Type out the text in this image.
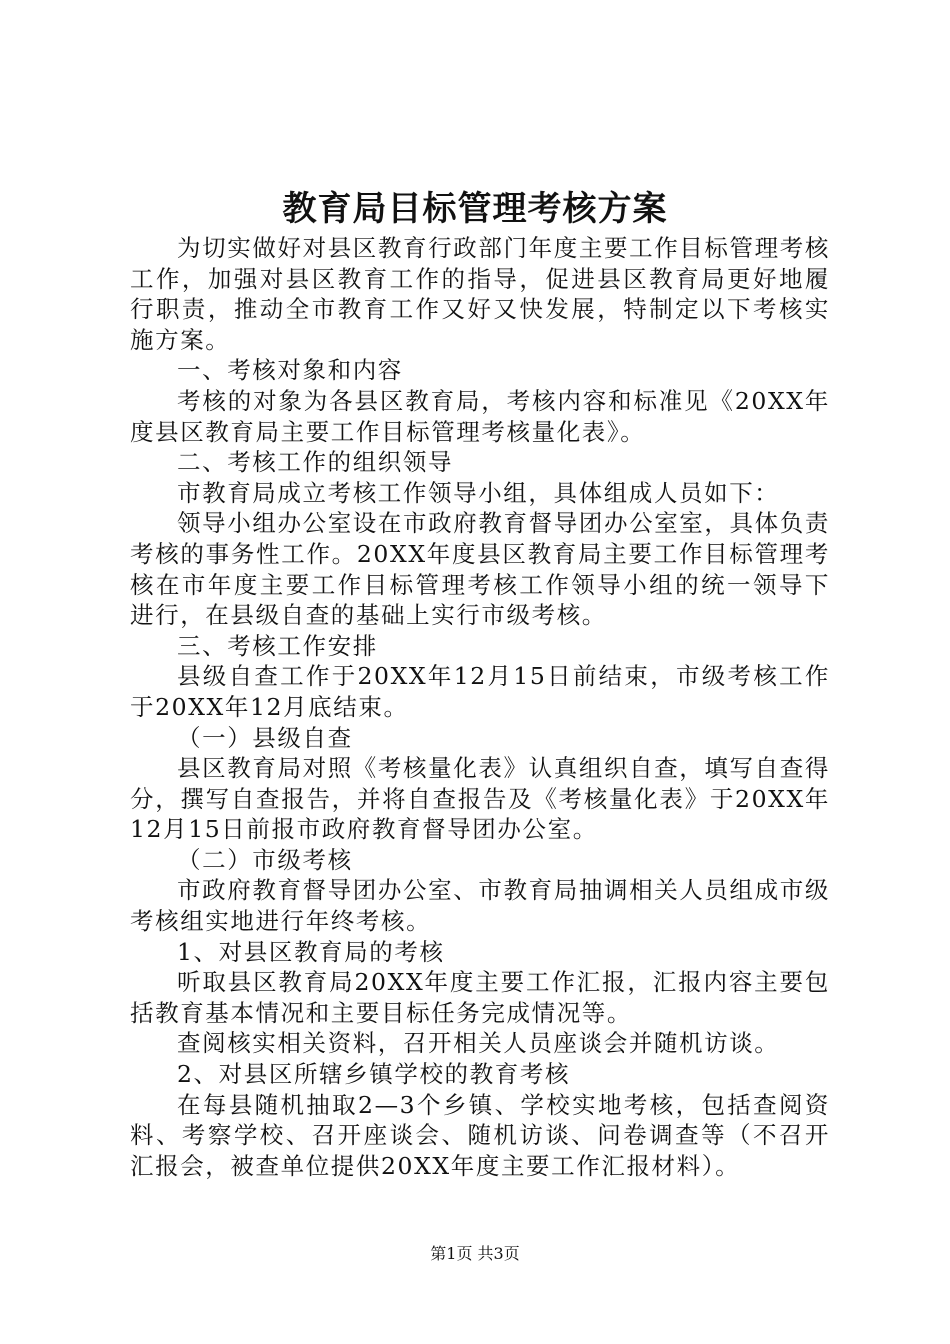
教育局目标管理考核方案

为切实做好对县区教育行政部门年度主要工作目标管理考核工作，加强对县区教育工作的指导，促进县区教育局更好地履行职责，推动全市教育工作又好又快发展，特制定以下考核实施方案。

一、考核对象和内容

考核的对象为各县区教育局，考核内容和标准见《20XX年度县区教育局主要工作目标管理考核量化表》。

二、考核工作的组织领导

市教育局成立考核工作领导小组，具体组成人员如下：

领导小组办公室设在市政府教育督导团办公室室，具体负责考核的事务性工作。20XX年度县区教育局主要工作目标管理考核在市年度主要工作目标管理考核工作领导小组的统一领导下进行，在县级自查的基础上实行市级考核。

三、考核工作安排

县级自查工作于20XX年12月15日前结束，市级考核工作于20XX年12月底结束。

（一）县级自查

县区教育局对照《考核量化表》认真组织自查，填写自查得分，撰写自查报告，并将自查报告及《考核量化表》于20XX年12月15日前报市政府教育督导团办公室。

（二）市级考核

市政府教育督导团办公室、市教育局抽调相关人员组成市级考核组实地进行年终考核。

1、对县区教育局的考核

听取县区教育局20XX年度主要工作汇报，汇报内容主要包括教育基本情况和主要目标任务完成情况等。

查阅核实相关资料，召开相关人员座谈会并随机访谈。

2、对县区所辖乡镇学校的教育考核

在每县随机抽取2—3个乡镇、学校实地考核，包括查阅资料、考察学校、召开座谈会、随机访谈、问卷调查等（不召开汇报会，被查单位提供20XX年度主要工作汇报材料）。

第1页 共3页
